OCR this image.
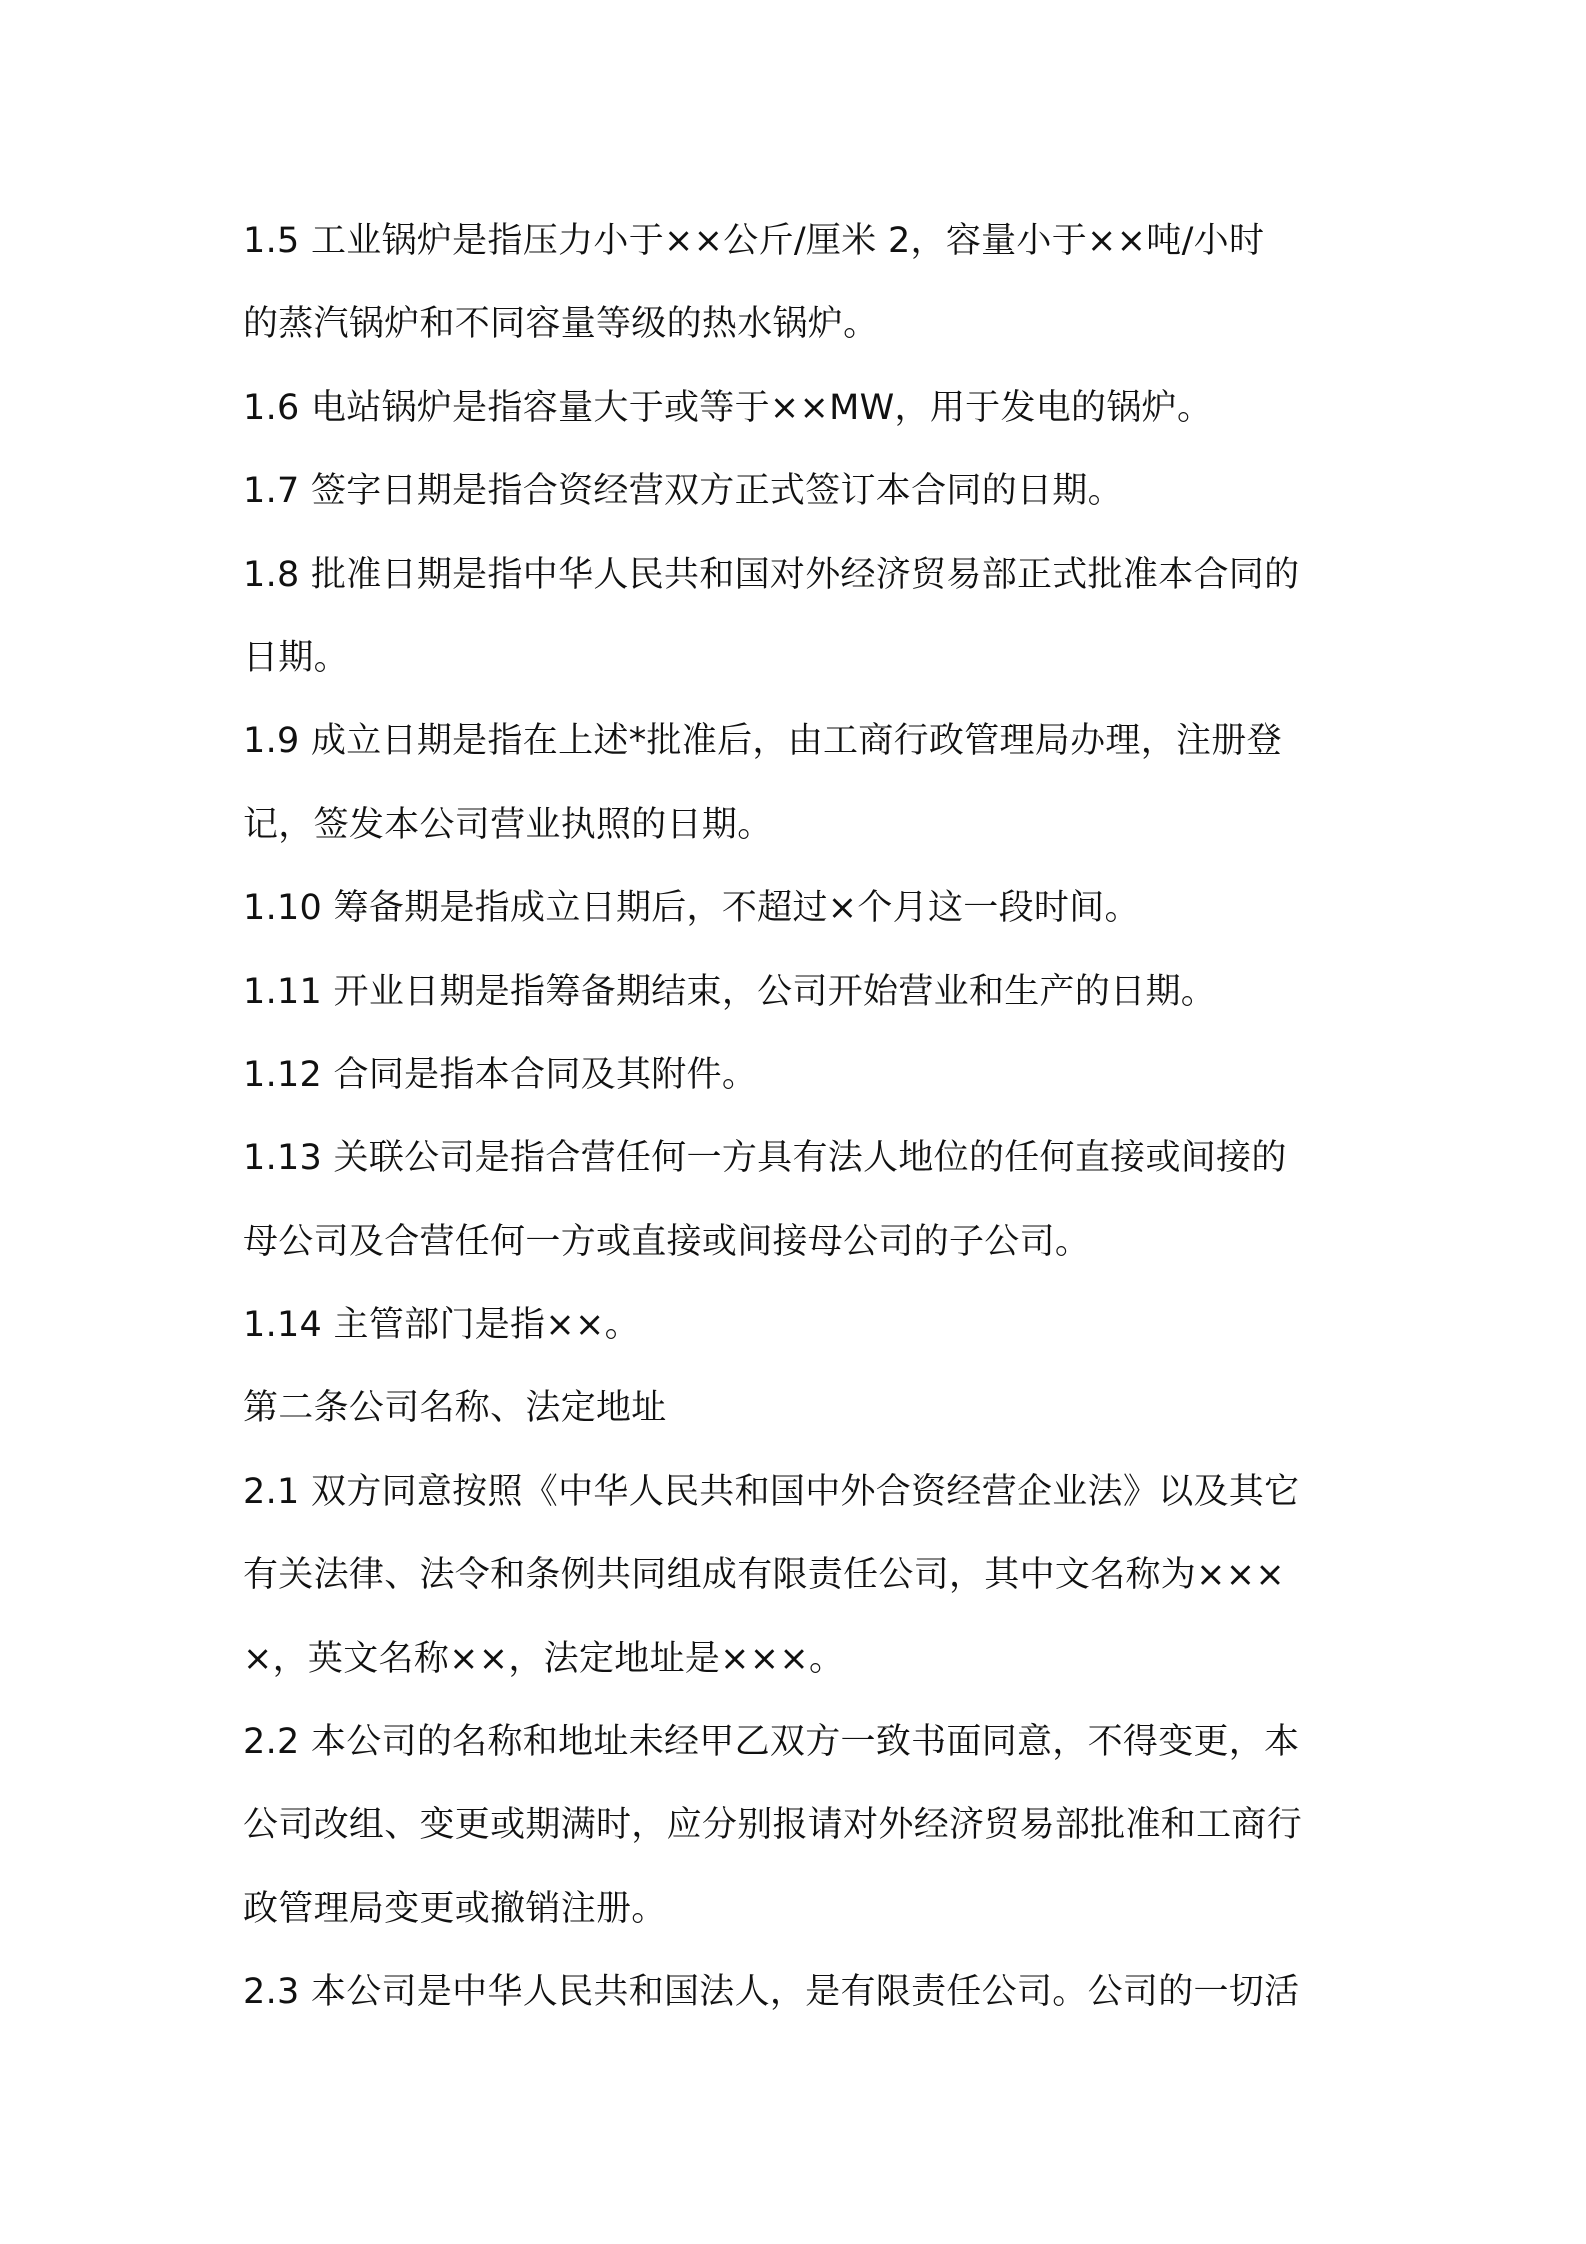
1.5 工业锅炉是指压力小于××公斤/厘米 2，容量小于××吨/小时
的蒸汽锅炉和不同容量等级的热水锅炉。
1.6 电站锅炉是指容量大于或等于××MW，用于发电的锅炉。
1.7 签字日期是指合资经营双方正式签订本合同的日期。
1.8 批准日期是指中华人民共和国对外经济贸易部正式批准本合同的
日期。
1.9 成立日期是指在上述*批准后，由工商行政管理局办理，注册登
记，签发本公司营业执照的日期。
1.10 筹备期是指成立日期后，不超过×个月这一段时间。
1.11 开业日期是指筹备期结束，公司开始营业和生产的日期。
1.12 合同是指本合同及其附件。
1.13 关联公司是指合营任何一方具有法人地位的任何直接或间接的
母公司及合营任何一方或直接或间接母公司的子公司。
1.14 主管部门是指××。
第二条公司名称、法定地址
2.1 双方同意按照《中华人民共和国中外合资经营企业法》以及其它
有关法律、法令和条例共同组成有限责任公司，其中文名称为×××
×，英文名称××，法定地址是×××。
2.2 本公司的名称和地址未经甲乙双方一致书面同意，不得变更，本
公司改组、变更或期满时，应分别报请对外经济贸易部批准和工商行
政管理局变更或撤销注册。
2.3 本公司是中华人民共和国法人，是有限责任公司。公司的一切活
